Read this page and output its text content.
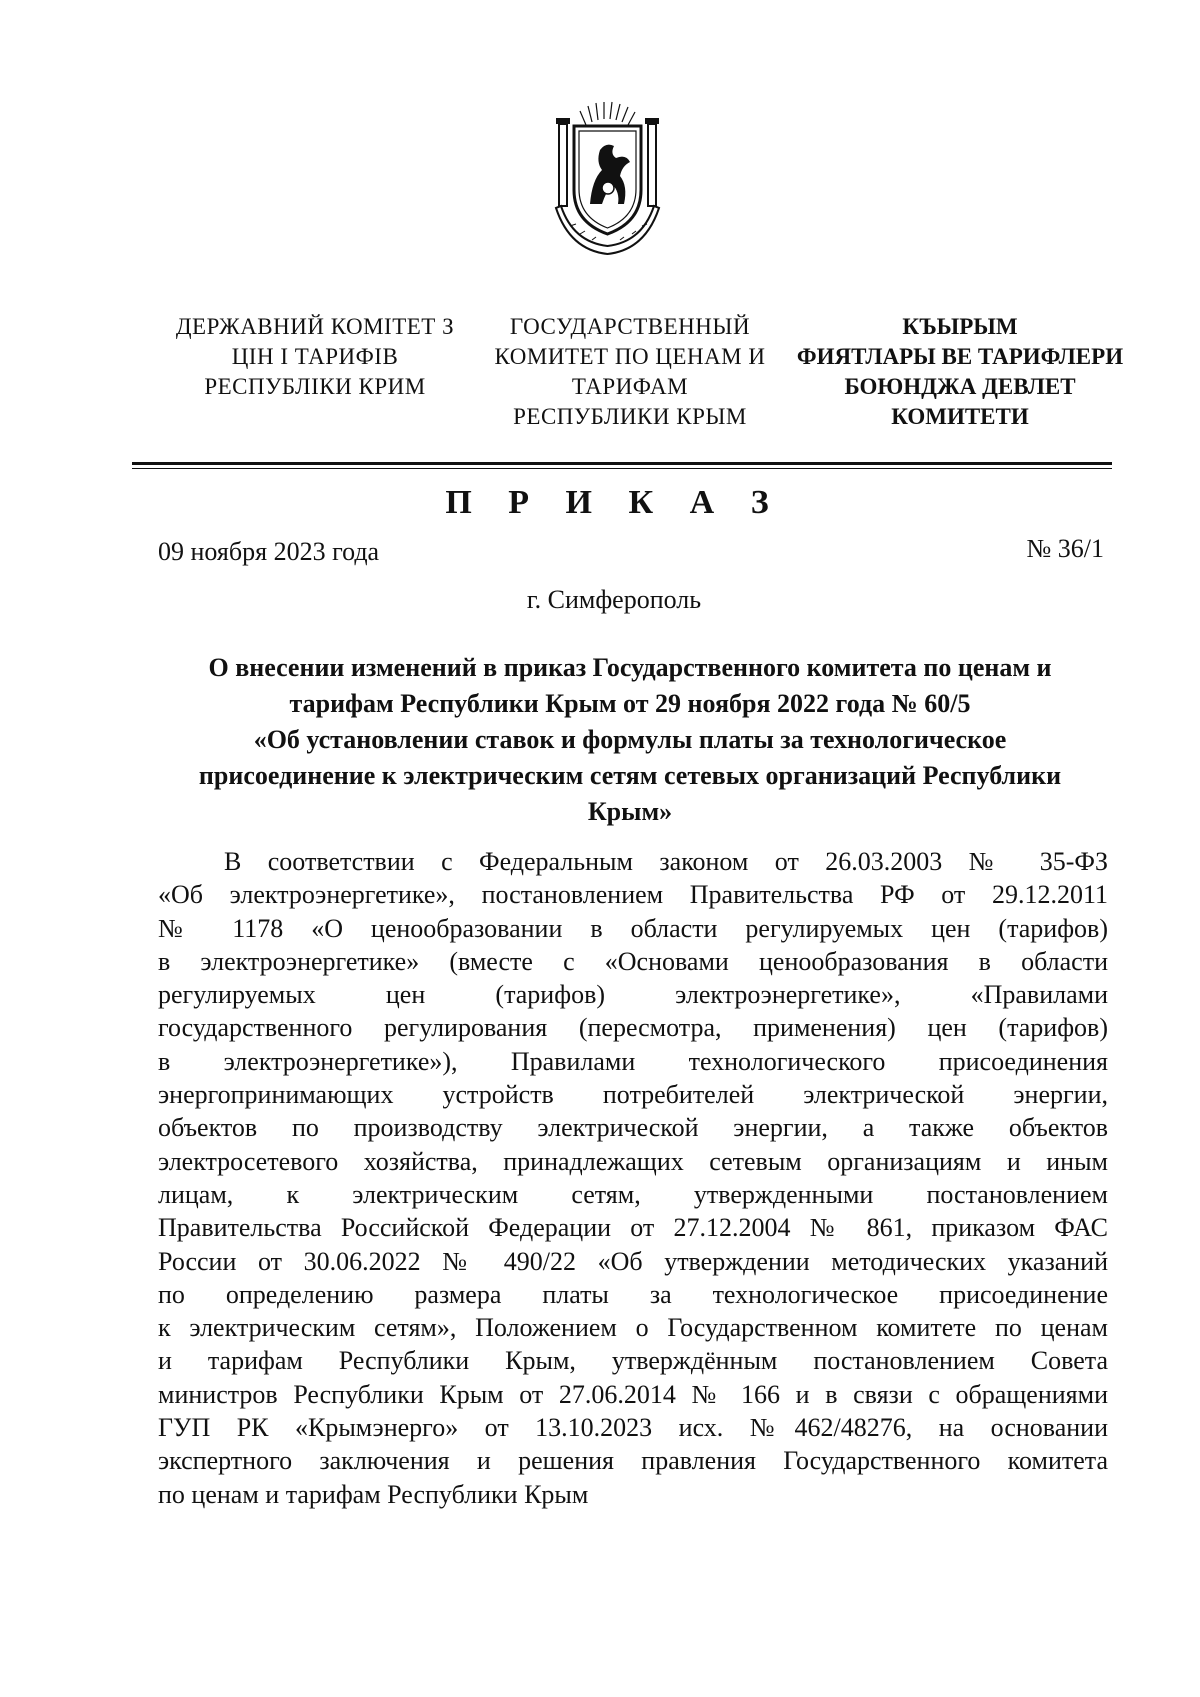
ДЕРЖАВНИЙ КОМІТЕТ З
ЦІН І ТАРИФІВ
РЕСПУБЛІКИ КРИМ
ГОСУДАРСТВЕННЫЙ
КОМИТЕТ ПО ЦЕНАМ И
ТАРИФАМ
РЕСПУБЛИКИ КРЫМ
КЪЫРЫМ
ФИЯТЛАРЫ ВЕ ТАРИФЛЕРИ
БОЮНДЖА ДЕВЛЕТ
КОМИТЕТИ
П Р И К А З
09 ноября 2023 года	№ 36/1
г. Симферополь
О внесении изменений в приказ Государственного комитета по ценам и
тарифам Республики Крым от 29 ноября 2022 года № 60/5
«Об установлении ставок и формулы платы за технологическое
присоединение к электрическим сетям сетевых организаций Республики
Крым»
В соответствии с Федеральным законом от 26.03.2003 № 35-ФЗ
«Об электроэнергетике», постановлением Правительства РФ от 29.12.2011
№ 1178 «О ценообразовании в области регулируемых цен (тарифов)
в электроэнергетике» (вместе с «Основами ценообразования в области
регулируемых цен (тарифов) электроэнергетике», «Правилами
государственного регулирования (пересмотра, применения) цен (тарифов)
в электроэнергетике»), Правилами технологического присоединения
энергопринимающих устройств потребителей электрической энергии,
объектов по производству электрической энергии, а также объектов
электросетевого хозяйства, принадлежащих сетевым организациям и иным
лицам, к электрическим сетям, утвержденными постановлением
Правительства Российской Федерации от 27.12.2004 № 861, приказом ФАС
России от 30.06.2022 № 490/22 «Об утверждении методических указаний
по определению размера платы за технологическое присоединение
к электрическим сетям», Положением о Государственном комитете по ценам
и тарифам Республики Крым, утверждённым постановлением Совета
министров Республики Крым от 27.06.2014 № 166 и в связи с обращениями
ГУП РК «Крымэнерго» от 13.10.2023 исх. №462/48276, на основании
экспертного заключения и решения правления Государственного комитета
по ценам и тарифам Республики Крым
